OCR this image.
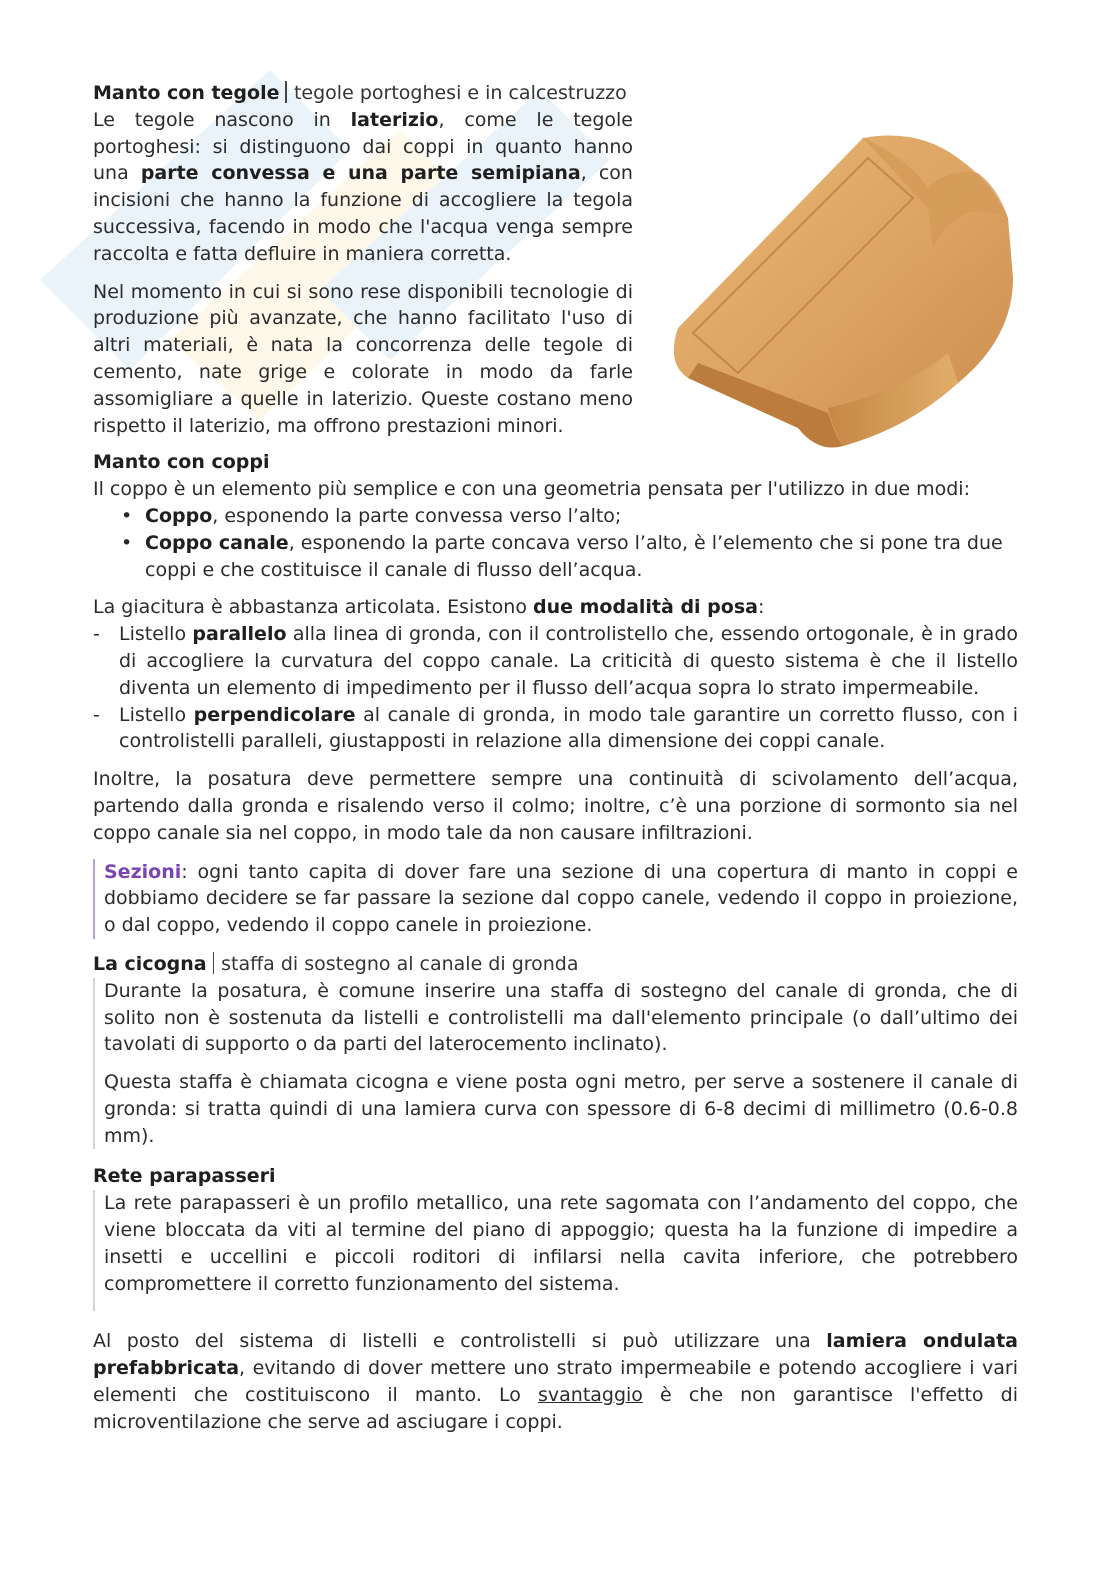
Manto con tegole tegole portoghesi e in calcestruzzo

Le tegole nascono in laterizio, come le tegole portoghesi: si distinguono dai coppi in quanto hanno una parte convessa e una parte semipiana, con incisioni che hanno la funzione di accogliere la tegola successiva, facendo in modo che l'acqua venga sempre raccolta e fatta defluire in maniera corretta.

Nel momento in cui si sono rese disponibili tecnologie di produzione più avanzate, che hanno facilitato l'uso di altri materiali, è nata la concorrenza delle tegole di cemento, nate grige e colorate in modo da farle assomigliare a quelle in laterizio. Queste costano meno rispetto il laterizio, ma offrono prestazioni minori.

Manto con coppi

Il coppo è un elemento più semplice e con una geometria pensata per l'utilizzo in due modi:

• Coppo, esponendo la parte convessa verso l’alto;
• Coppo canale, esponendo la parte concava verso l’alto, è l’elemento che si pone tra due coppi e che costituisce il canale di flusso dell’acqua.

La giacitura è abbastanza articolata. Esistono due modalità di posa:

- Listello parallelo alla linea di gronda, con il controlistello che, essendo ortogonale, è in grado di accogliere la curvatura del coppo canale. La criticità di questo sistema è che il listello diventa un elemento di impedimento per il flusso dell’acqua sopra lo strato impermeabile.
- Listello perpendicolare al canale di gronda, in modo tale garantire un corretto flusso, con i controlistelli paralleli, giustapposti in relazione alla dimensione dei coppi canale.

Inoltre, la posatura deve permettere sempre una continuità di scivolamento dell’acqua, partendo dalla gronda e risalendo verso il colmo; inoltre, c’è una porzione di sormonto sia nel coppo canale sia nel coppo, in modo tale da non causare infiltrazioni.

Sezioni: ogni tanto capita di dover fare una sezione di una copertura di manto in coppi e dobbiamo decidere se far passare la sezione dal coppo canele, vedendo il coppo in proiezione, o dal coppo, vedendo il coppo canele in proiezione.
La cicogna staffa di sostegno al canale di gronda

Durante la posatura, è comune inserire una staffa di sostegno del canale di gronda, che di solito non è sostenuta da listelli e controlistelli ma dall'elemento principale (o dall’ultimo dei tavolati di supporto o da parti del laterocemento inclinato).

Questa staffa è chiamata cicogna e viene posta ogni metro, per serve a sostenere il canale di gronda: si tratta quindi di una lamiera curva con spessore di 6-8 decimi di millimetro (0.6-0.8 mm).

Rete parapasseri

La rete parapasseri è un profilo metallico, una rete sagomata con l’andamento del coppo, che viene bloccata da viti al termine del piano di appoggio; questa ha la funzione di impedire a insetti e uccellini e piccoli roditori di infilarsi nella cavita inferiore, che potrebbero compromettere il corretto funzionamento del sistema.

Al posto del sistema di listelli e controlistelli si può utilizzare una lamiera ondulata prefabbricata, evitando di dover mettere uno strato impermeabile e potendo accogliere i vari elementi che costituiscono il manto. Lo svantaggio è che non garantisce l'effetto di microventilazione che serve ad asciugare i coppi.
